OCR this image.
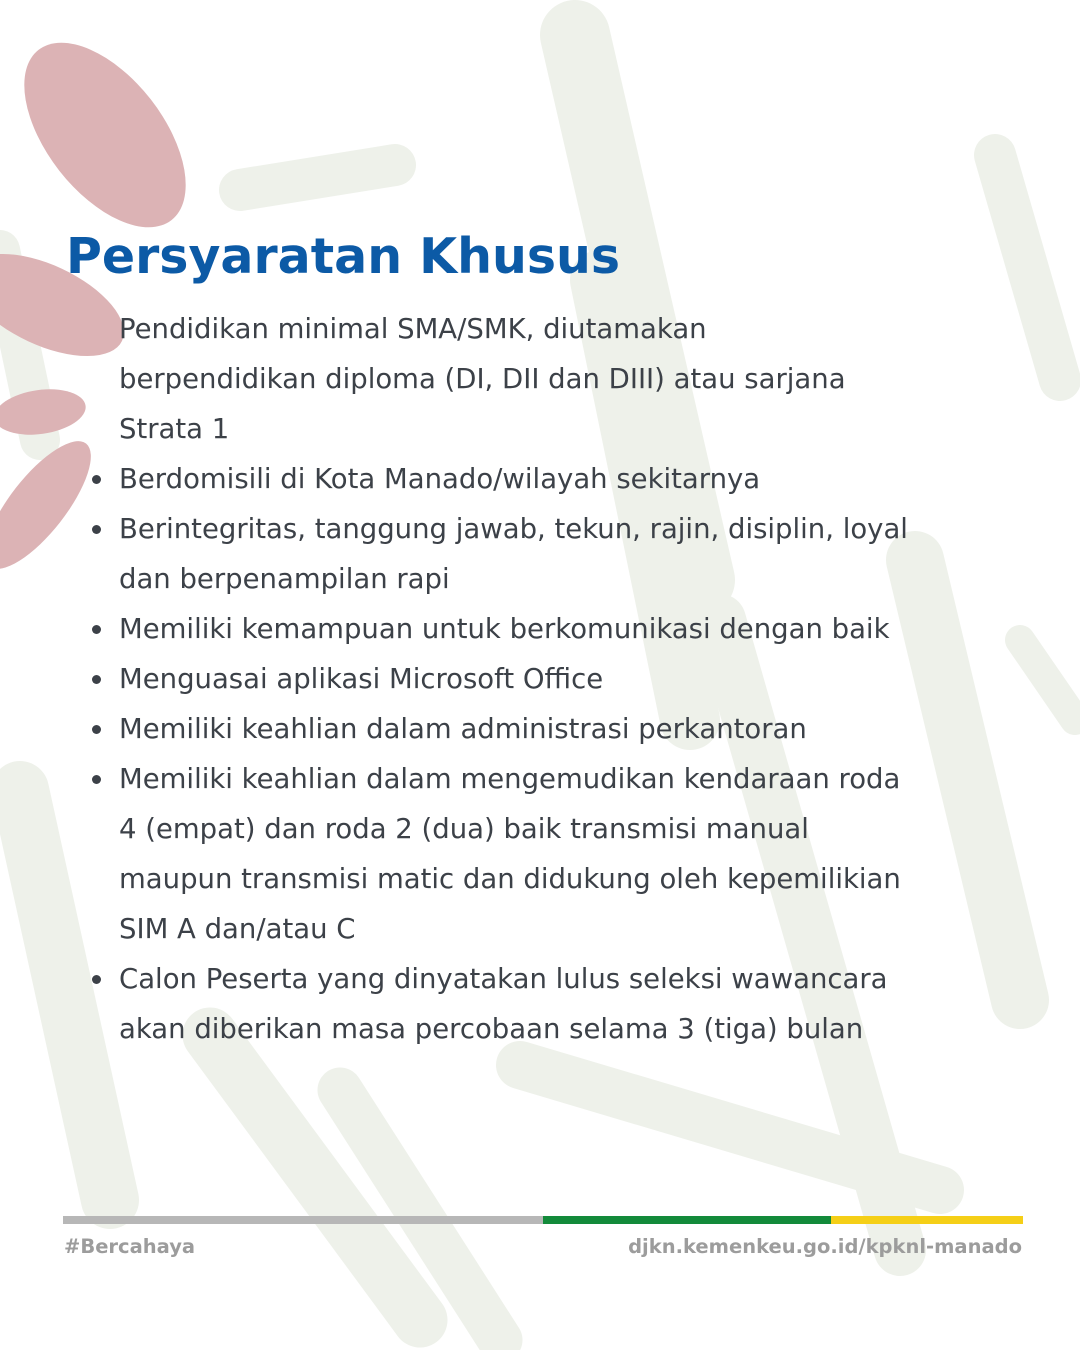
Persyaratan Khusus
Pendidikan minimal SMA/SMK, diutamakan
berpendidikan diploma (DI, DII dan DIII) atau sarjana
Strata 1
Berdomisili di Kota Manado/wilayah sekitarnya
Berintegritas, tanggung jawab, tekun, rajin, disiplin, loyal
dan berpenampilan rapi
Memiliki kemampuan untuk berkomunikasi dengan baik
Menguasai aplikasi Microsoft Office
Memiliki keahlian dalam administrasi perkantoran
Memiliki keahlian dalam mengemudikan kendaraan roda
4 (empat) dan roda 2 (dua) baik transmisi manual
maupun transmisi matic dan didukung oleh kepemilikian
SIM A dan/atau C
Calon Peserta yang dinyatakan lulus seleksi wawancara
akan diberikan masa percobaan selama 3 (tiga) bulan
#Bercahaya	djkn.kemenkeu.go.id/kpknl-manado
